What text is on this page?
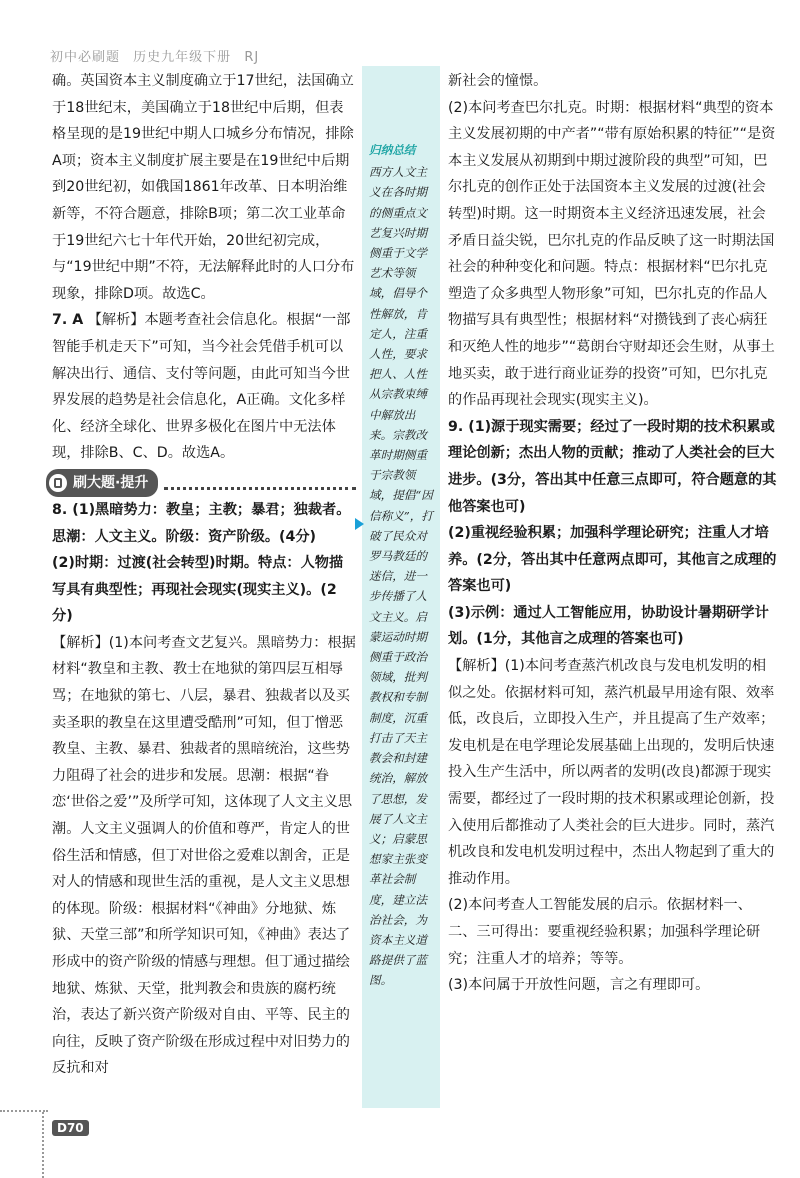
初中必刷题 历史九年级下册 RJ

确。英国资本主义制度确立于17世纪，法国确立于18世纪末，美国确立于18世纪中后期，但表格呈现的是19世纪中期人口城乡分布情况，排除A项；资本主义制度扩展主要是在19世纪中后期到20世纪初，如俄国1861年改革、日本明治维新等，不符合题意，排除B项；第二次工业革命于19世纪六七十年代开始，20世纪初完成，与“19世纪中期”不符，无法解释此时的人口分布现象，排除D项。故选C。

7. A 【解析】本题考查社会信息化。根据“一部智能手机走天下”可知，当今社会凭借手机可以解决出行、通信、支付等问题，由此可知当今世界发展的趋势是社会信息化，A正确。文化多样化、经济全球化、世界多极化在图片中无法体现，排除B、C、D。故选A。

刷大题·提升

8. (1)黑暗势力：教皇；主教；暴君；独裁者。思潮：人文主义。阶级：资产阶级。(4分)

(2)时期：过渡(社会转型)时期。特点：人物描写具有典型性；再现社会现实(现实主义)。(2分)

【解析】(1)本问考查文艺复兴。黑暗势力：根据材料“教皇和主教、教士在地狱的第四层互相辱骂；在地狱的第七、八层，暴君、独裁者以及买卖圣职的教皇在这里遭受酷刑”可知，但丁憎恶教皇、主教、暴君、独裁者的黑暗统治，这些势力阻碍了社会的进步和发展。思潮：根据“眷恋‘世俗之爱’”及所学可知，这体现了人文主义思潮。人文主义强调人的价值和尊严，肯定人的世俗生活和情感，但丁对世俗之爱难以割舍，正是对人的情感和现世生活的重视，是人文主义思想的体现。阶级：根据材料“《神曲》分地狱、炼狱、天堂三部”和所学知识可知，《神曲》表达了形成中的资产阶级的情感与理想。但丁通过描绘地狱、炼狱、天堂，批判教会和贵族的腐朽统治，表达了新兴资产阶级对自由、平等、民主的向往，反映了资产阶级在形成过程中对旧势力的反抗和对

归纳总结
西方人文主义在各时期的侧重点文艺复兴时期侧重于文学艺术等领域，倡导个性解放，肯定人，注重人性，要求把人、人性从宗教束缚中解放出来。宗教改革时期侧重于宗教领域，提倡“因信称义”，打破了民众对罗马教廷的迷信，进一步传播了人文主义。启蒙运动时期侧重于政治领域，批判教权和专制制度，沉重打击了天主教会和封建统治，解放了思想，发展了人文主义；启蒙思想家主张变革社会制度，建立法治社会，为资本主义道路提供了蓝图。

新社会的憧憬。

(2)本问考查巴尔扎克。时期：根据材料“典型的资本主义发展初期的中产者”“带有原始积累的特征”“是资本主义发展从初期到中期过渡阶段的典型”可知，巴尔扎克的创作正处于法国资本主义发展的过渡(社会转型)时期。这一时期资本主义经济迅速发展，社会矛盾日益尖锐，巴尔扎克的作品反映了这一时期法国社会的种种变化和问题。特点：根据材料“巴尔扎克塑造了众多典型人物形象”可知，巴尔扎克的作品人物描写具有典型性；根据材料“对攒钱到了丧心病狂和灭绝人性的地步”“葛朗台守财却还会生财，从事土地买卖，敢于进行商业证券的投资”可知，巴尔扎克的作品再现社会现实(现实主义)。

9. (1)源于现实需要；经过了一段时期的技术积累或理论创新；杰出人物的贡献；推动了人类社会的巨大进步。(3分，答出其中任意三点即可，符合题意的其他答案也可)

(2)重视经验积累；加强科学理论研究；注重人才培养。(2分，答出其中任意两点即可，其他言之成理的答案也可)

(3)示例：通过人工智能应用，协助设计暑期研学计划。(1分，其他言之成理的答案也可)

【解析】(1)本问考查蒸汽机改良与发电机发明的相似之处。依据材料可知，蒸汽机最早用途有限、效率低，改良后，立即投入生产，并且提高了生产效率；发电机是在电学理论发展基础上出现的，发明后快速投入生产生活中，所以两者的发明(改良)都源于现实需要，都经过了一段时期的技术积累或理论创新，投入使用后都推动了人类社会的巨大进步。同时，蒸汽机改良和发电机发明过程中，杰出人物起到了重大的推动作用。

(2)本问考查人工智能发展的启示。依据材料一、二、三可得出：要重视经验积累；加强科学理论研究；注重人才的培养；等等。

(3)本问属于开放性问题，言之有理即可。

D70
